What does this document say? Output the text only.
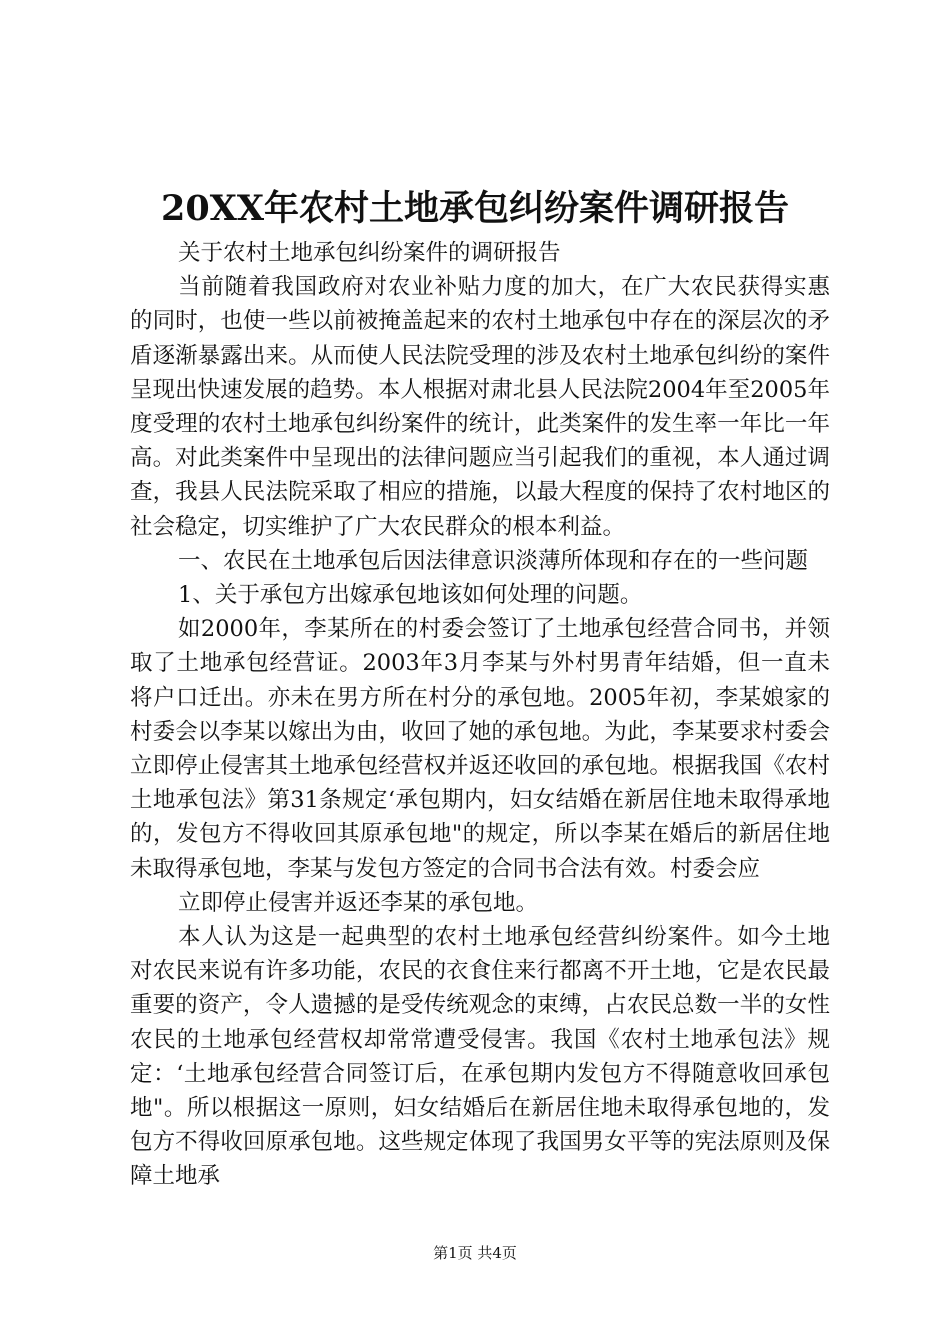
20XX年农村土地承包纠纷案件调研报告

关于农村土地承包纠纷案件的调研报告

当前随着我国政府对农业补贴力度的加大，在广大农民获得实惠的同时，也使一些以前被掩盖起来的农村土地承包中存在的深层次的矛盾逐渐暴露出来。从而使人民法院受理的涉及农村土地承包纠纷的案件呈现出快速发展的趋势。本人根据对肃北县人民法院2004年至2005年度受理的农村土地承包纠纷案件的统计，此类案件的发生率一年比一年高。对此类案件中呈现出的法律问题应当引起我们的重视，本人通过调查，我县人民法院采取了相应的措施，以最大程度的保持了农村地区的社会稳定，切实维护了广大农民群众的根本利益。

一、农民在土地承包后因法律意识淡薄所体现和存在的一些问题

1、关于承包方出嫁承包地该如何处理的问题。

如2000年，李某所在的村委会签订了土地承包经营合同书，并领取了土地承包经营证。2003年3月李某与外村男青年结婚，但一直未将户口迁出。亦未在男方所在村分的承包地。2005年初，李某娘家的村委会以李某以嫁出为由，收回了她的承包地。为此，李某要求村委会立即停止侵害其土地承包经营权并返还收回的承包地。根据我国《农村土地承包法》第31条规定‘承包期内，妇女结婚在新居住地未取得承地的，发包方不得收回其原承包地"的规定，所以李某在婚后的新居住地未取得承包地，李某与发包方签定的合同书合法有效。村委会应

立即停止侵害并返还李某的承包地。

本人认为这是一起典型的农村土地承包经营纠纷案件。如今土地对农民来说有许多功能，农民的衣食住来行都离不开土地，它是农民最重要的资产，令人遗撼的是受传统观念的束缚，占农民总数一半的女性农民的土地承包经营权却常常遭受侵害。我国《农村土地承包法》规定：‘土地承包经营合同签订后，在承包期内发包方不得随意收回承包地"。所以根据这一原则，妇女结婚后在新居住地未取得承包地的，发包方不得收回原承包地。这些规定体现了我国男女平等的宪法原则及保障土地承

第1页 共4页
